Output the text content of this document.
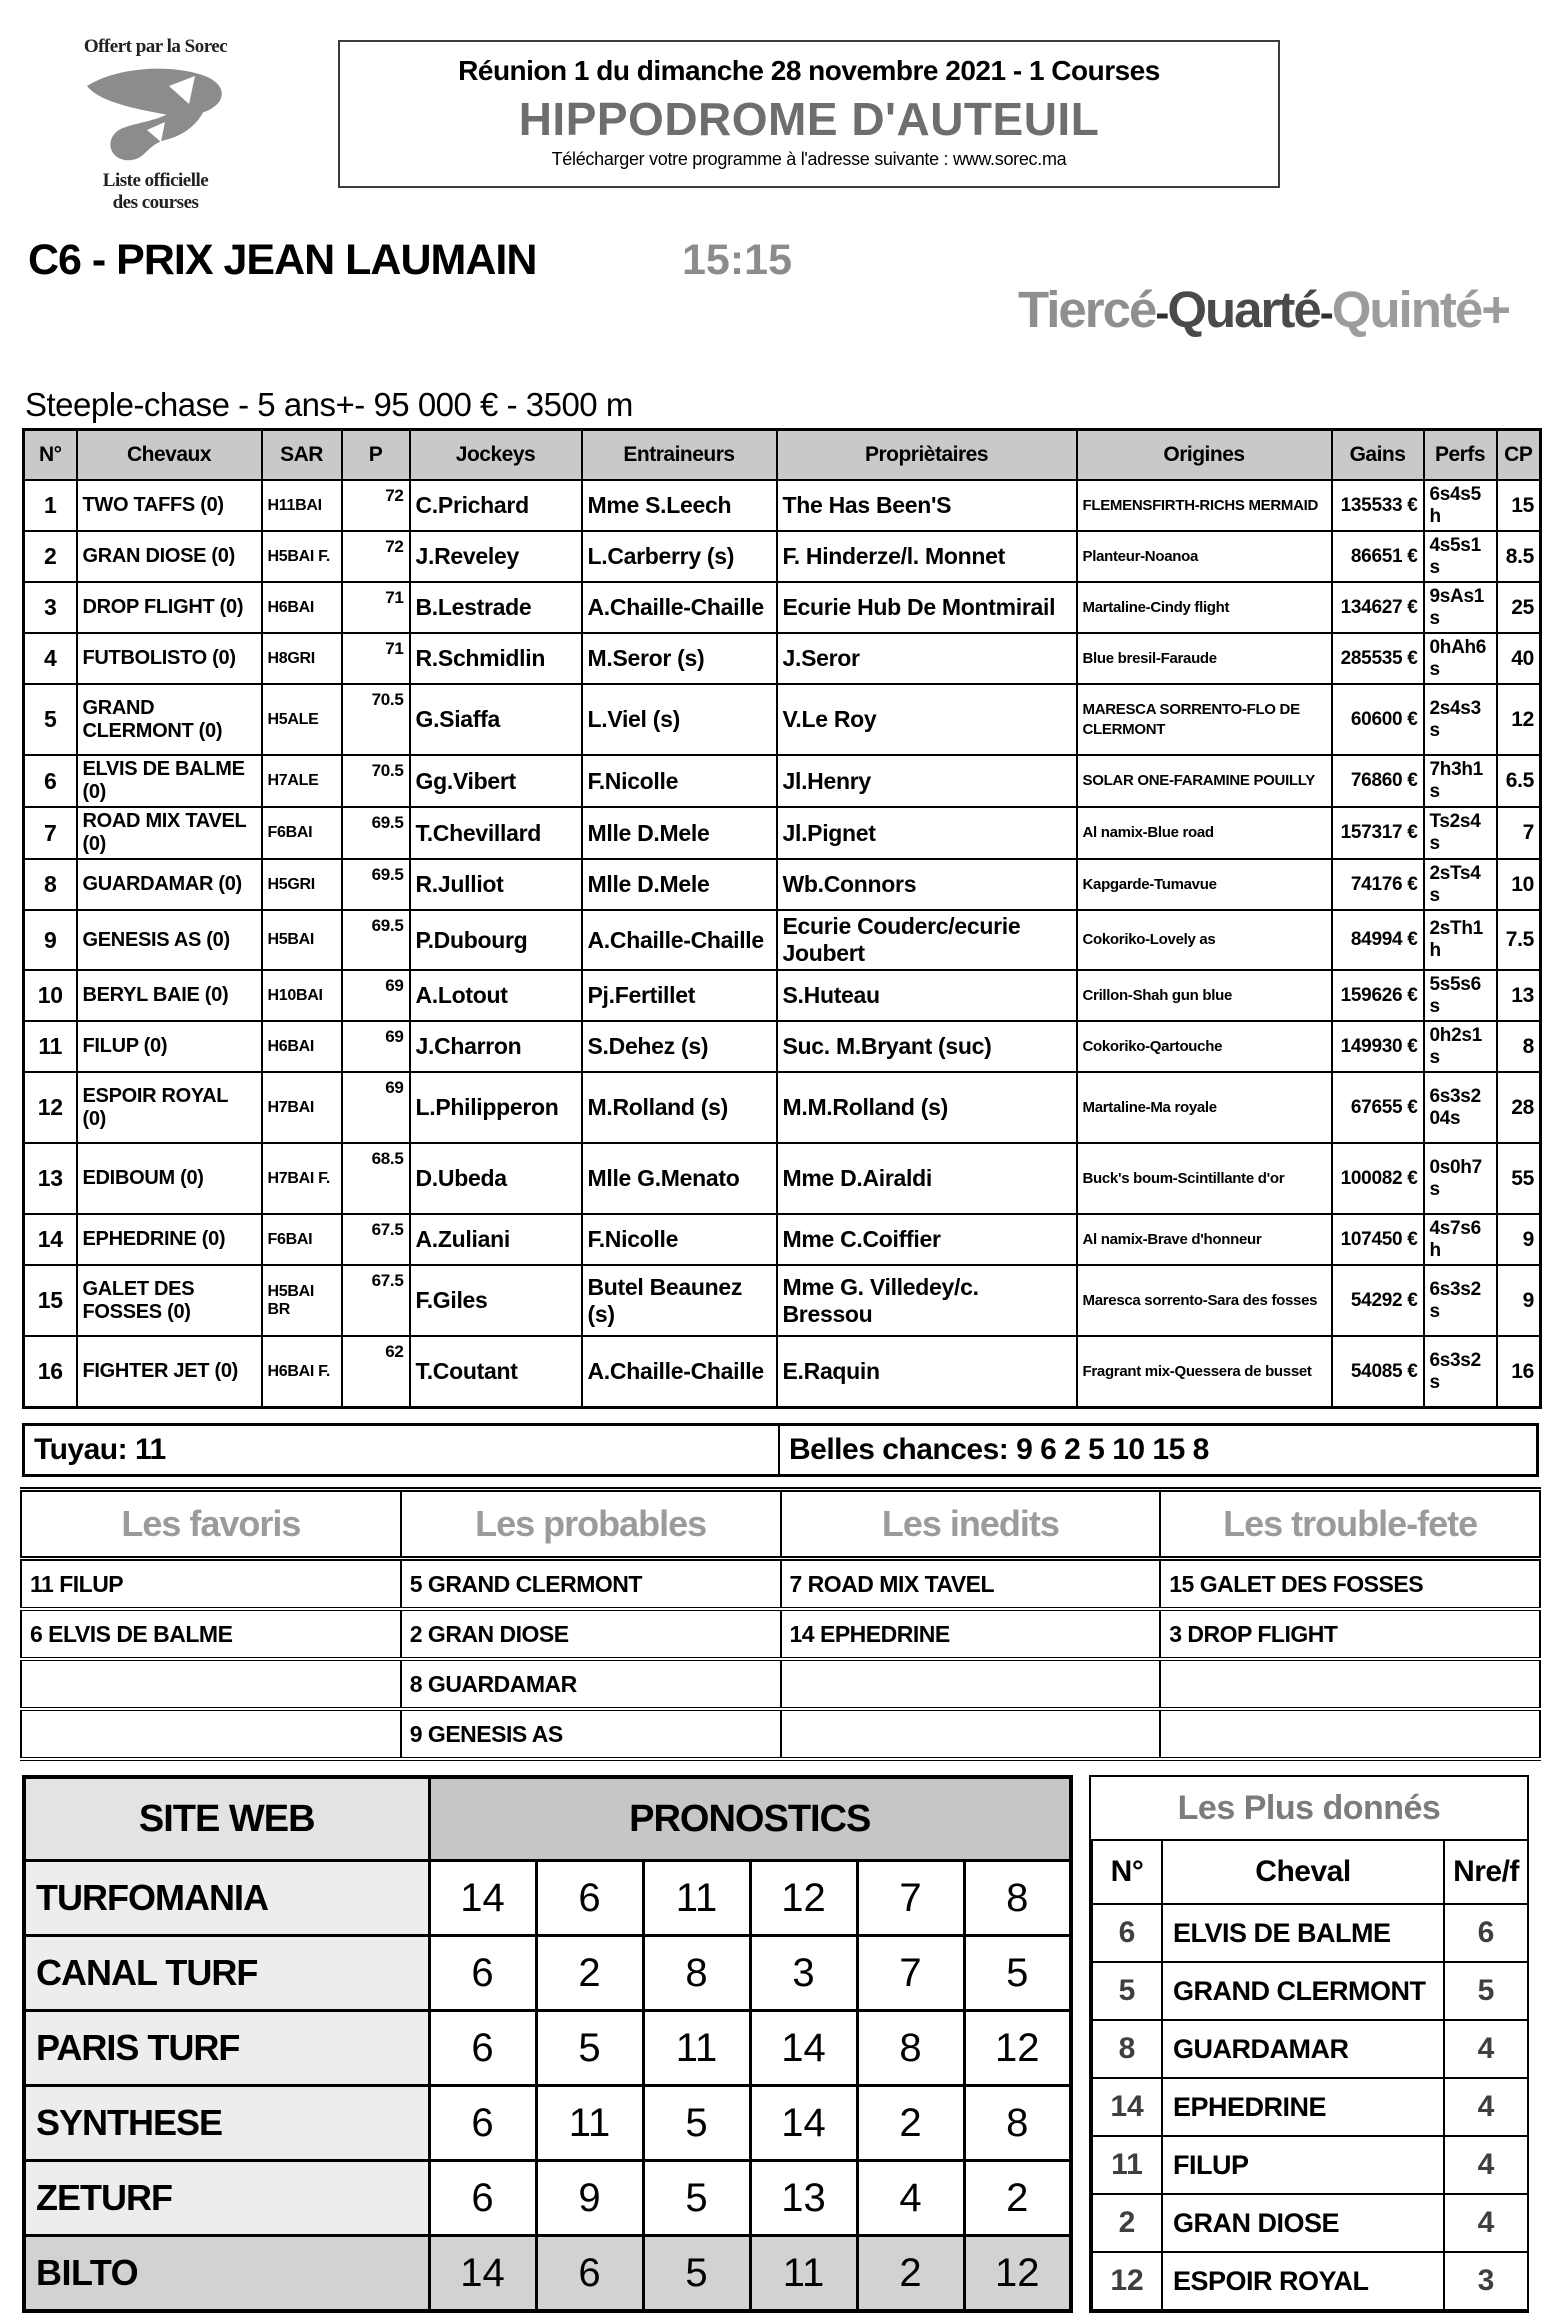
Offert par la Sorec
Liste officielle
des courses
Réunion 1 du dimanche 28 novembre 2021 - 1 Courses
HIPPODROME D'AUTEUIL
Télécharger votre programme à l'adresse suivante : www.sorec.ma
C6 - PRIX JEAN LAUMAIN	15:15
Tiercé-Quarté-Quinté+
Steeple-chase - 5 ans+- 95 000 € - 3500 m
N°	Chevaux	SAR	P	Jockeys	Entraineurs	Propriètaires	Origines	Gains	Perfs	CP
1	TWO TAFFS (0)	H11BAI	72	C.Prichard	Mme S.Leech	The Has Been'S	FLEMENSFIRTH-RICHS MERMAID	135533 €	6s4s5h	15
2	GRAN DIOSE (0)	H5BAI F.	72	J.Reveley	L.Carberry (s)	F. Hinderze/l. Monnet	Planteur-Noanoa	86651 €	4s5s1s	8.5
3	DROP FLIGHT (0)	H6BAI	71	B.Lestrade	A.Chaille-Chaille	Ecurie Hub De Montmirail	Martaline-Cindy flight	134627 €	9sAs1s	25
4	FUTBOLISTO (0)	H8GRI	71	R.Schmidlin	M.Seror (s)	J.Seror	Blue bresil-Faraude	285535 €	0hAh6s	40
5	GRAND CLERMONT (0)	H5ALE	70.5	G.Siaffa	L.Viel (s)	V.Le Roy	MARESCA SORRENTO-FLO DE CLERMONT	60600 €	2s4s3s	12
6	ELVIS DE BALME (0)	H7ALE	70.5	Gg.Vibert	F.Nicolle	Jl.Henry	SOLAR ONE-FARAMINE POUILLY	76860 €	7h3h1s	6.5
7	ROAD MIX TAVEL (0)	F6BAI	69.5	T.Chevillard	Mlle D.Mele	Jl.Pignet	Al namix-Blue road	157317 €	Ts2s4s	7
8	GUARDAMAR (0)	H5GRI	69.5	R.Julliot	Mlle D.Mele	Wb.Connors	Kapgarde-Tumavue	74176 €	2sTs4s	10
9	GENESIS AS (0)	H5BAI	69.5	P.Dubourg	A.Chaille-Chaille	Ecurie Couderc/ecurie Joubert	Cokoriko-Lovely as	84994 €	2sTh1h	7.5
10	BERYL BAIE (0)	H10BAI	69	A.Lotout	Pj.Fertillet	S.Huteau	Crillon-Shah gun blue	159626 €	5s5s6s	13
11	FILUP (0)	H6BAI	69	J.Charron	S.Dehez (s)	Suc. M.Bryant (suc)	Cokoriko-Qartouche	149930 €	0h2s1s	8
12	ESPOIR ROYAL (0)	H7BAI	69	L.Philipperon	M.Rolland (s)	M.M.Rolland (s)	Martaline-Ma royale	67655 €	6s3s204s	28
13	EDIBOUM (0)	H7BAI F.	68.5	D.Ubeda	Mlle G.Menato	Mme D.Airaldi	Buck's boum-Scintillante d'or	100082 €	0s0h7s	55
14	EPHEDRINE (0)	F6BAI	67.5	A.Zuliani	F.Nicolle	Mme C.Coiffier	Al namix-Brave d'honneur	107450 €	4s7s6h	9
15	GALET DES FOSSES (0)	H5BAI BR	67.5	F.Giles	Butel Beaunez (s)	Mme G. Villedey/c. Bressou	Maresca sorrento-Sara des fosses	54292 €	6s3s2s	9
16	FIGHTER JET (0)	H6BAI F.	62	T.Coutant	A.Chaille-Chaille	E.Raquin	Fragrant mix-Quessera de busset	54085 €	6s3s2s	16
Tuyau: 11	Belles chances: 9 6 2 5 10 15 8
Les favoris	Les probables	Les inedits	Les trouble-fete
11 FILUP	5 GRAND CLERMONT	7 ROAD MIX TAVEL	15 GALET DES FOSSES
6 ELVIS DE BALME	2 GRAN DIOSE	14 EPHEDRINE	3 DROP FLIGHT
	8 GUARDAMAR		
	9 GENESIS AS		
SITE WEB	PRONOSTICS					
TURFOMANIA	14	6	11	12	7	8
CANAL TURF	6	2	8	3	7	5
PARIS TURF	6	5	11	14	8	12
SYNTHESE	6	11	5	14	2	8
ZETURF	6	9	5	13	4	2
BILTO	14	6	5	11	2	12
Les Plus donnés
N°	Cheval	Nre/f
6	ELVIS DE BALME	6
5	GRAND CLERMONT	5
8	GUARDAMAR	4
14	EPHEDRINE	4
11	FILUP	4
2	GRAN DIOSE	4
12	ESPOIR ROYAL	3
